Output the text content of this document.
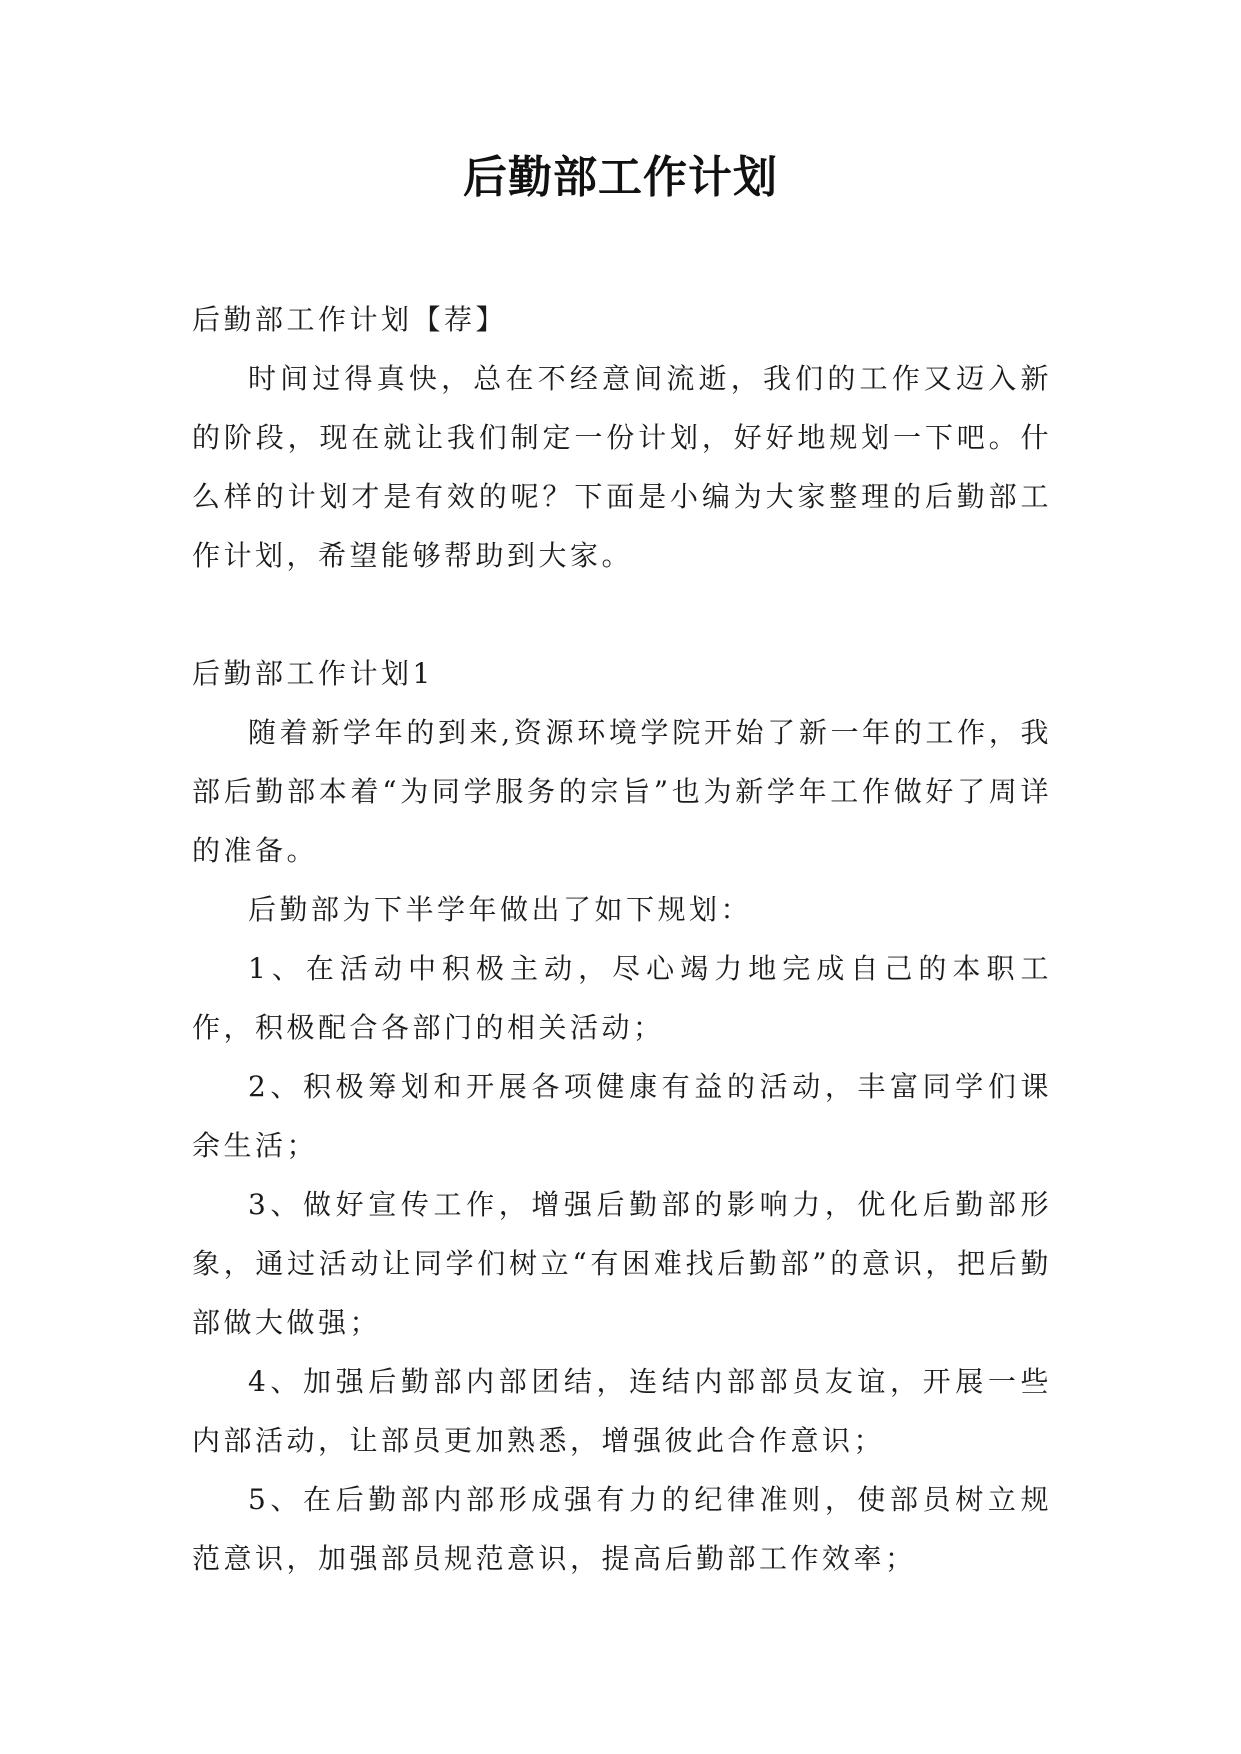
后勤部工作计划

后勤部工作计划【荐】

时间过得真快，总在不经意间流逝，我们的工作又迈入新的阶段，现在就让我们制定一份计划，好好地规划一下吧。什么样的计划才是有效的呢？下面是小编为大家整理的后勤部工作计划，希望能够帮助到大家。

后勤部工作计划1

随着新学年的到来,资源环境学院开始了新一年的工作，我部后勤部本着“为同学服务的宗旨”也为新学年工作做好了周详的准备。

后勤部为下半学年做出了如下规划：

1、在活动中积极主动，尽心竭力地完成自己的本职工作，积极配合各部门的相关活动；

2、积极筹划和开展各项健康有益的活动，丰富同学们课余生活；

3、做好宣传工作，增强后勤部的影响力，优化后勤部形象，通过活动让同学们树立“有困难找后勤部”的意识，把后勤部做大做强；

4、加强后勤部内部团结，连结内部部员友谊，开展一些内部活动，让部员更加熟悉，增强彼此合作意识；

5、在后勤部内部形成强有力的纪律准则，使部员树立规范意识，加强部员规范意识，提高后勤部工作效率；
